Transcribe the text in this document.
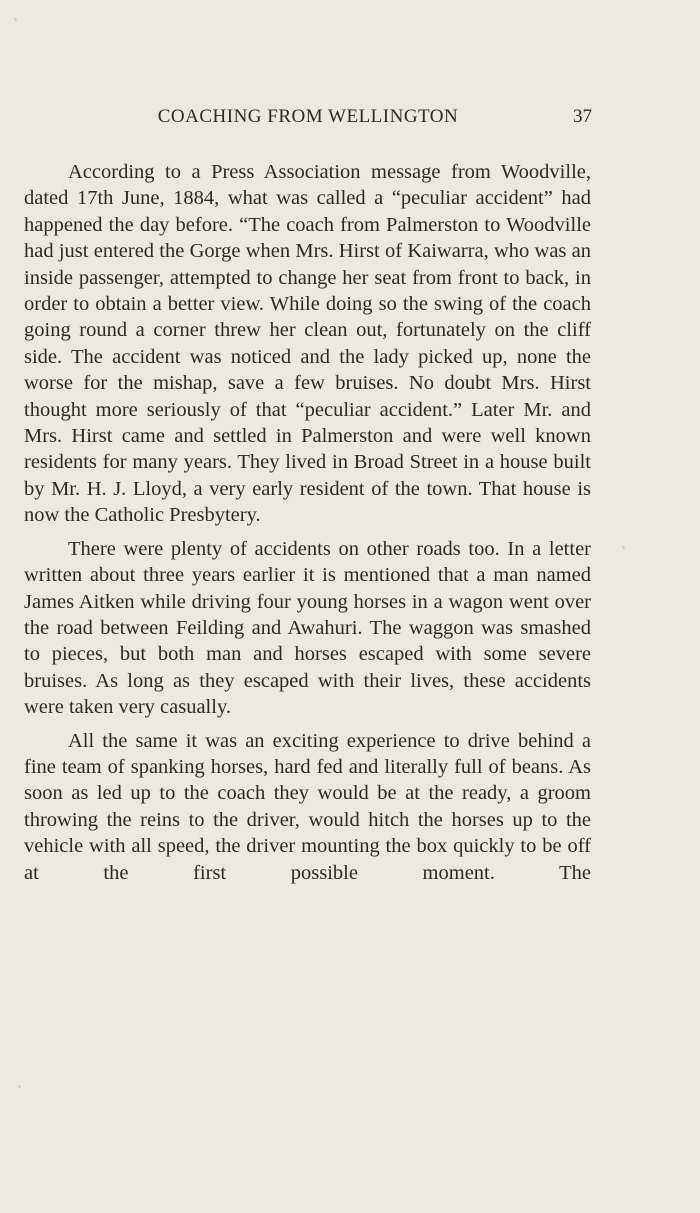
COACHING FROM WELLINGTON	37

According to a Press Association message from Woodville, dated 17th June, 1884, what was called a “peculiar accident” had happened the day before. “The coach from Palmerston to Woodville had just entered the Gorge when Mrs. Hirst of Kaiwarra, who was an inside passenger, attempted to change her seat from front to back, in order to obtain a better view. While doing so the swing of the coach going round a corner threw her clean out, fortunately on the cliff side. The accident was noticed and the lady picked up, none the worse for the mishap, save a few bruises. No doubt Mrs. Hirst thought more seriously of that “peculiar accident.” Later Mr. and Mrs. Hirst came and settled in Palmerston and were well known residents for many years. They lived in Broad Street in a house built by Mr. H. J. Lloyd, a very early resident of the town. That house is now the Catholic Presbytery.

There were plenty of accidents on other roads too. In a letter written about three years earlier it is mentioned that a man named James Aitken while driving four young horses in a wagon went over the road between Feilding and Awahuri. The waggon was smashed to pieces, but both man and horses escaped with some severe bruises. As long as they escaped with their lives, these accidents were taken very casually.

All the same it was an exciting experience to drive behind a fine team of spanking horses, hard fed and literally full of beans. As soon as led up to the coach they would be at the ready, a groom throwing the reins to the driver, would hitch the horses up to the vehicle with all speed, the driver mounting the box quickly to be off at the first possible moment. The
